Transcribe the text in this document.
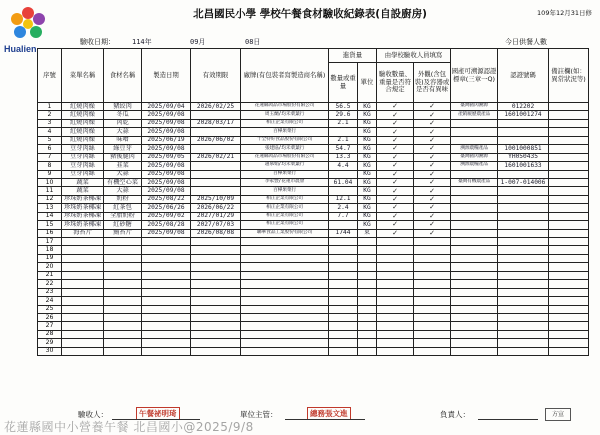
Hualien
北昌國民小學 學校午餐食材驗收紀錄表(自設廚房)	109年12月31日修
驗收日期： 114年	09月	08日	今日供餐人數
序號	菜單名稱	食材名稱	製造日期	有效期限	廠牌(有包裝者寫製造商名稱)	進貨量		由學校驗收人員填寫		國產可溯源認證標章(三章一Q)	認證號碼	備註欄(如：異常狀況等)
						數量或重量	單位	驗收數量、重量是否符合規定	外觀(含包裝)及容器或是否有異味			
1	紅燒肉燥	豬絞肉	2025/09/04	2026/02/25	花蓮縣肉品市場股份有限公司	56.5	KG	✓	✓	臺灣豬肉溯源	012202	
2	紅燒肉燥	冬瓜	2025/09/08		周玉蘭/均禾菜葉行	29.6	KG	✓	✓	產銷履歷農產品	1601001274	
3	紅燒肉燥	肉乾	2025/09/08	2028/03/17	相正企業有限公司	2.1	KG	✓	✓			
4	紅燒肉燥	大蒜	2025/09/08		百樺果菜行		KG	✓	✓			
5	紅燒肉燥	味噌	2025/06/19	2026/06/02	十全特好食品股份有限公司	2.1	KG	✓	✓			
6	豆芽肉絲	綠豆芽	2025/09/08		張建協/均禾菜葉行	54.7	KG	✓	✓	溯源農糧產品	1001000851	
7	豆芽肉絲	豬後腿肉	2025/09/05	2026/02/21	花蓮縣肉品市場股份有限公司	13.3	KG	✓	✓	臺灣豬肉溯源	YH050435	
8	豆芽肉絲	韭菜	2025/09/08		趙慕娟/均禾菜葉行	4.4	KG	✓	✓	溯源農糧產品	1601001633	
9	豆芽肉絲	大蒜	2025/09/08		百樺果菜行		KG	✓	✓			
10	蔬菜	有機空心菜	2025/09/08		李家豐/花蓮市農會	61.04	KG	✓	✓	臺灣有機農產品	1-007-014006	
11	蔬菜	大蒜	2025/09/08		百樺果菜行		KG	✓	✓			
12	珍珠奶茶椰凍	奶粉	2025/08/22	2025/10/09	相正企業有限公司	12.1	KG	✓	✓			
13	珍珠奶茶椰凍	紅茶包	2025/06/26	2026/06/22	相正企業有限公司	2.4	KG	✓	✓			
14	珍珠奶茶椰凍	全脂奶粉	2025/09/02	2027/01/29	相正企業有限公司	7.7	KG	✓	✓			
15	珍珠奶茶椰凍	紅砂糖	2025/08/28	2027/07/03	相正企業有限公司		KG	✓	✓			
16	海苔片	鮪苔片	2025/09/08	2026/08/08	聯華食品工業股份有限公司	1744	束	✓	✓			
17												
18												
19												
20												
21												
22												
23												
24												
25												
26												
27												
28												
29												
30												
驗收人：	午餐祕明琦	單位主管：	總務張文進	負責人：	方宣
花蓮縣國中小營養午餐 北昌國小@2025/9/8
